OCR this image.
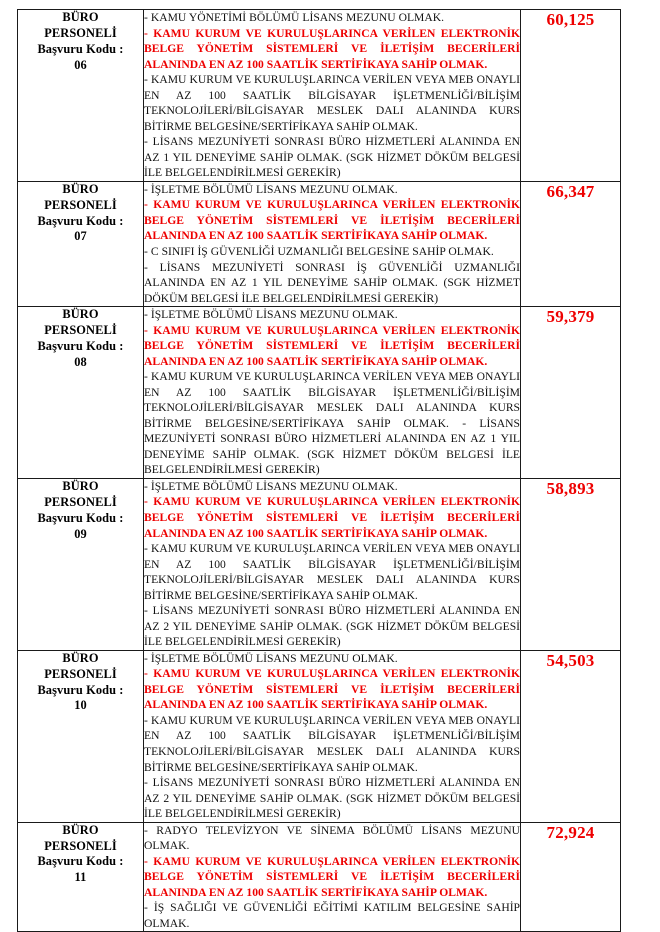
BÜRO
PERSONELİ
Başvuru Kodu :
06

- KAMU YÖNETİMİ BÖLÜMÜ LİSANS MEZUNU OLMAK.
- KAMU KURUM VE KURULUŞLARINCA VERİLEN ELEKTRONİK BELGE YÖNETİM SİSTEMLERİ VE İLETİŞİM BECERİLERİ ALANINDA EN AZ 100 SAATLİK SERTİFİKAYA SAHİP OLMAK.
- KAMU KURUM VE KURULUŞLARINCA VERİLEN VEYA MEB ONAYLI EN AZ 100 SAATLİK BİLGİSAYAR İŞLETMENLİĞİ/BİLİŞİM TEKNOLOJİLERİ/BİLGİSAYAR MESLEK DALI ALANINDA KURS BİTİRME BELGESİNE/SERTİFİKAYA SAHİP OLMAK.
- LİSANS MEZUNİYETİ SONRASI BÜRO HİZMETLERİ ALANINDA EN AZ 1 YIL DENEYİME SAHİP OLMAK. (SGK HİZMET DÖKÜM BELGESİ İLE BELGELENDİRİLMESİ GEREKİR)
	60,125

BÜRO
PERSONELİ
Başvuru Kodu :
07

- İŞLETME BÖLÜMÜ LİSANS MEZUNU OLMAK.
- KAMU KURUM VE KURULUŞLARINCA VERİLEN ELEKTRONİK BELGE YÖNETİM SİSTEMLERİ VE İLETİŞİM BECERİLERİ ALANINDA EN AZ 100 SAATLİK SERTİFİKAYA SAHİP OLMAK.
- C SINIFI İŞ GÜVENLİĞİ UZMANLIĞI BELGESİNE SAHİP OLMAK.
- LİSANS MEZUNİYETİ SONRASI İŞ GÜVENLİĞİ UZMANLIĞI ALANINDA EN AZ 1 YIL DENEYİME SAHİP OLMAK. (SGK HİZMET DÖKÜM BELGESİ İLE BELGELENDİRİLMESİ GEREKİR)
	66,347

BÜRO
PERSONELİ
Başvuru Kodu :
08

- İŞLETME BÖLÜMÜ LİSANS MEZUNU OLMAK.
- KAMU KURUM VE KURULUŞLARINCA VERİLEN ELEKTRONİK BELGE YÖNETİM SİSTEMLERİ VE İLETİŞİM BECERİLERİ ALANINDA EN AZ 100 SAATLİK SERTİFİKAYA SAHİP OLMAK.
- KAMU KURUM VE KURULUŞLARINCA VERİLEN VEYA MEB ONAYLI EN AZ 100 SAATLİK BİLGİSAYAR İŞLETMENLİĞİ/BİLİŞİM TEKNOLOJİLERİ/BİLGİSAYAR MESLEK DALI ALANINDA KURS BİTİRME BELGESİNE/SERTİFİKAYA SAHİP OLMAK. - LİSANS MEZUNİYETİ SONRASI BÜRO HİZMETLERİ ALANINDA EN AZ 1 YIL DENEYİME SAHİP OLMAK. (SGK HİZMET DÖKÜM BELGESİ İLE BELGELENDİRİLMESİ GEREKİR)
	59,379

BÜRO
PERSONELİ
Başvuru Kodu :
09

- İŞLETME BÖLÜMÜ LİSANS MEZUNU OLMAK.
- KAMU KURUM VE KURULUŞLARINCA VERİLEN ELEKTRONİK BELGE YÖNETİM SİSTEMLERİ VE İLETİŞİM BECERİLERİ ALANINDA EN AZ 100 SAATLİK SERTİFİKAYA SAHİP OLMAK.
- KAMU KURUM VE KURULUŞLARINCA VERİLEN VEYA MEB ONAYLI EN AZ 100 SAATLİK BİLGİSAYAR İŞLETMENLİĞİ/BİLİŞİM TEKNOLOJİLERİ/BİLGİSAYAR MESLEK DALI ALANINDA KURS BİTİRME BELGESİNE/SERTİFİKAYA SAHİP OLMAK.
- LİSANS MEZUNİYETİ SONRASI BÜRO HİZMETLERİ ALANINDA EN AZ 2 YIL DENEYİME SAHİP OLMAK. (SGK HİZMET DÖKÜM BELGESİ İLE BELGELENDİRİLMESİ GEREKİR)
	58,893

BÜRO
PERSONELİ
Başvuru Kodu :
10

- İŞLETME BÖLÜMÜ LİSANS MEZUNU OLMAK.
- KAMU KURUM VE KURULUŞLARINCA VERİLEN ELEKTRONİK BELGE YÖNETİM SİSTEMLERİ VE İLETİŞİM BECERİLERİ ALANINDA EN AZ 100 SAATLİK SERTİFİKAYA SAHİP OLMAK.
- KAMU KURUM VE KURULUŞLARINCA VERİLEN VEYA MEB ONAYLI EN AZ 100 SAATLİK BİLGİSAYAR İŞLETMENLİĞİ/BİLİŞİM TEKNOLOJİLERİ/BİLGİSAYAR MESLEK DALI ALANINDA KURS BİTİRME BELGESİNE/SERTİFİKAYA SAHİP OLMAK.
- LİSANS MEZUNİYETİ SONRASI BÜRO HİZMETLERİ ALANINDA EN AZ 2 YIL DENEYİME SAHİP OLMAK. (SGK HİZMET DÖKÜM BELGESİ İLE BELGELENDİRİLMESİ GEREKİR)
	54,503

BÜRO
PERSONELİ
Başvuru Kodu :
11

- RADYO TELEVİZYON VE SİNEMA BÖLÜMÜ LİSANS MEZUNU OLMAK.
- KAMU KURUM VE KURULUŞLARINCA VERİLEN ELEKTRONİK BELGE YÖNETİM SİSTEMLERİ VE İLETİŞİM BECERİLERİ ALANINDA EN AZ 100 SAATLİK SERTİFİKAYA SAHİP OLMAK.
- İŞ SAĞLIĞI VE GÜVENLİĞİ EĞİTİMİ KATILIM BELGESİNE SAHİP OLMAK.
	72,924
